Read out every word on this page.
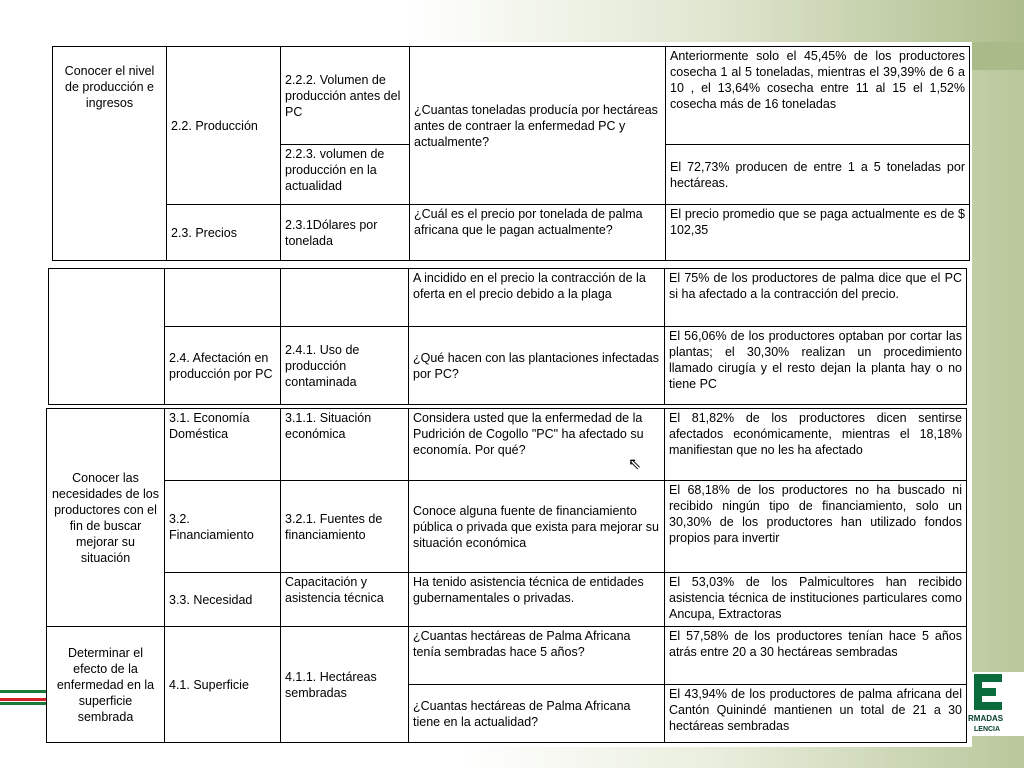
RMADAS
LENCIA
Conocer el nivel de producción e ingresos	2.2. Producción	2.2.2. Volumen de producción antes del PC	¿Cuantas toneladas producía por hectáreas antes de contraer la enfermedad PC y actualmente?	Anteriormente solo el 45,45% de los productores cosecha 1 al 5 toneladas, mientras el 39,39% de 6 a 10 , el 13,64% cosecha entre 11 al 15 el 1,52% cosecha más de 16 toneladas
		2.2.3. volumen de producción en la actualidad		El 72,73% producen de entre 1 a 5 toneladas por hectáreas.
	2.3. Precios	2.3.1Dólares por tonelada	¿Cuál es el precio por tonelada de palma africana que le pagan actualmente?	El precio promedio que se paga actualmente es de $ 102,35
			A incidido en el precio la contracción de la oferta en el precio debido a la plaga	El 75% de los productores de palma dice que el PC si ha afectado a la contracción del precio.
	2.4. Afectación en producción por PC	2.4.1. Uso de producción contaminada	¿Qué hacen con las plantaciones infectadas por PC?	El 56,06% de los productores optaban por cortar las plantas; el 30,30% realizan un procedimiento llamado cirugía y el resto dejan la planta hay o no tiene PC
Conocer las necesidades de los productores con el fin de buscar mejorar su situación	3.1. Economía Doméstica	3.1.1. Situación económica	Considera usted que la enfermedad de la Pudrición de Cogollo "PC" ha afectado su economía. Por qué?	El 81,82% de los productores dicen sentirse afectados económicamente, mientras el 18,18% manifiestan que no les ha afectado
	3.2. Financiamiento	3.2.1. Fuentes de financiamiento	Conoce alguna fuente de financiamiento pública o privada que exista para mejorar su situación económica	El 68,18% de los productores no ha buscado ni recibido ningún tipo de financiamiento, solo un 30,30% de los productores han utilizado fondos propios para invertir
	3.3. Necesidad	Capacitación y asistencia técnica	Ha tenido asistencia técnica de entidades gubernamentales o privadas.	El 53,03% de los Palmicultores han recibido asistencia técnica de instituciones particulares como Ancupa, Extractoras
Determinar el efecto de la enfermedad en la superficie sembrada	4.1. Superficie	4.1.1. Hectáreas sembradas	¿Cuantas hectáreas de Palma Africana tenía sembradas hace 5 años?	El 57,58% de los productores tenían hace 5 años atrás entre 20 a 30 hectáreas sembradas
			¿Cuantas hectáreas de Palma Africana tiene en la actualidad?	El 43,94% de los productores de palma africana del Cantón Quinindé mantienen un total de 21 a 30 hectáreas sembradas
⇖
